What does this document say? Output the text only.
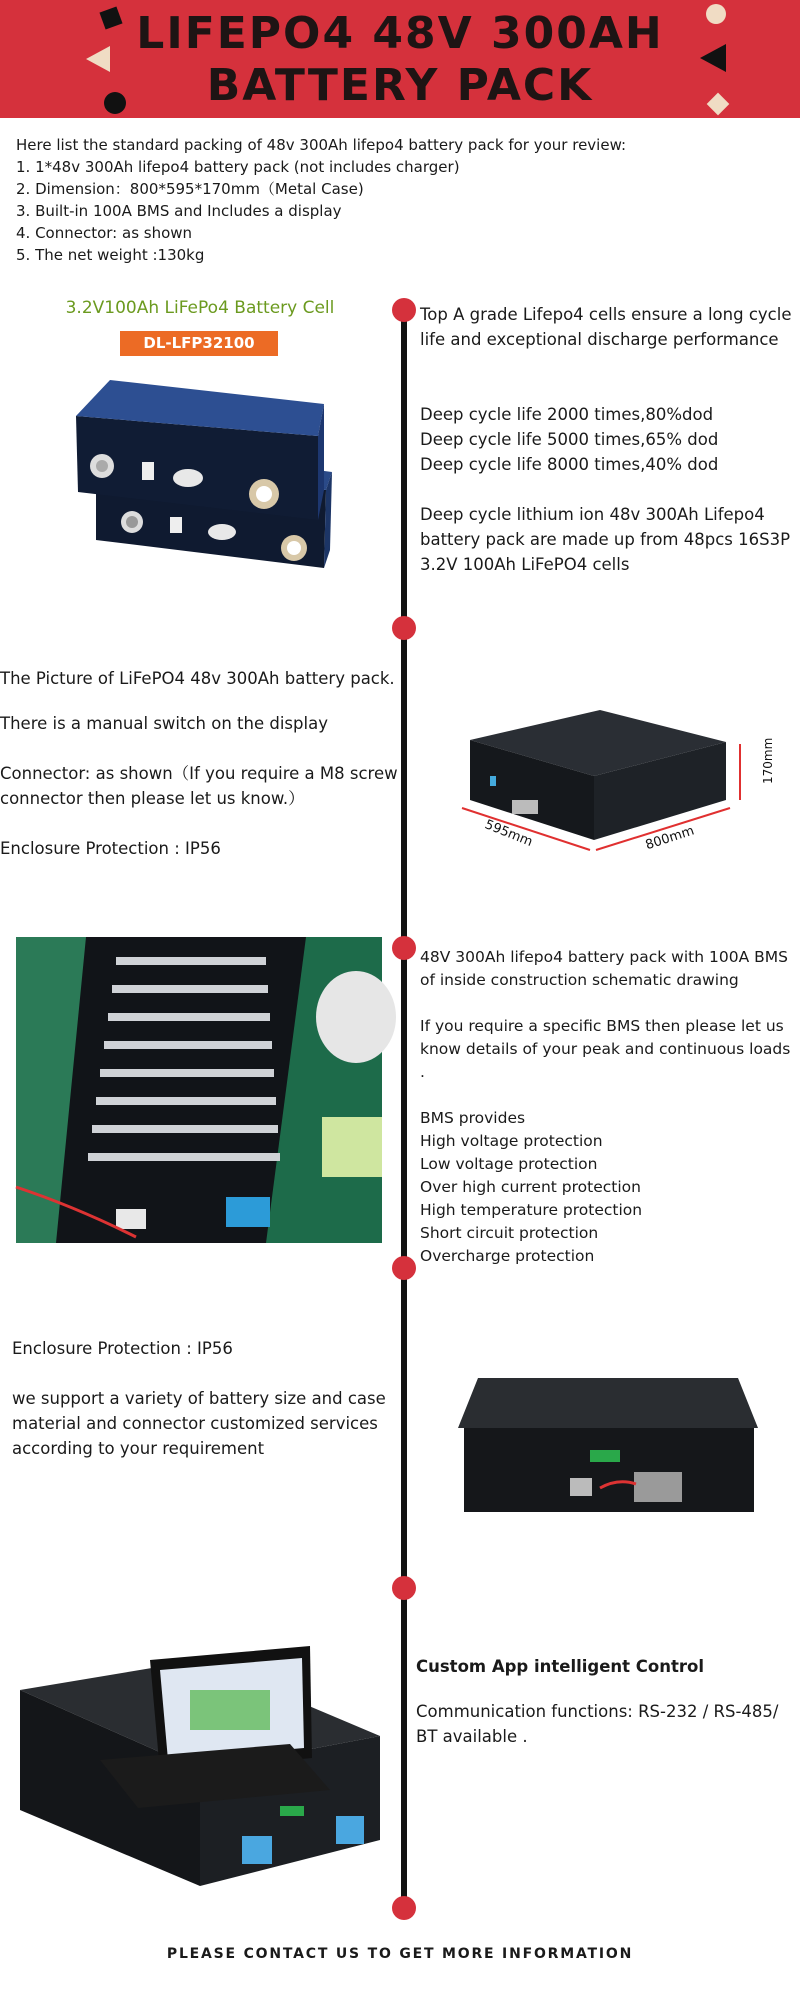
LIFEPO4 48V 300AH
BATTERY PACK
Here list the standard packing of 48v 300Ah lifepo4 battery pack for your review:
1. 1*48v 300Ah lifepo4 battery pack (not includes charger)
2. Dimension：800*595*170mm（Metal Case)
3. Built-in 100A BMS and Includes a display
4. Connector: as shown
5. The net weight :130kg
3.2V100Ah LiFePo4 Battery Cell
DL-LFP32100

Top A grade Lifepo4 cells ensure a long cycle life and exceptional discharge performance

Deep cycle life 2000 times,80%dod

Deep cycle life 5000 times,65% dod

Deep cycle life 8000 times,40% dod

Deep cycle lithium ion 48v 300Ah Lifepo4 battery pack are made up from 48pcs 16S3P 3.2V 100Ah LiFePO4 cells

The Picture of LiFePO4 48v 300Ah battery pack.

There is a manual switch on the display

Connector: as shown（If you require a M8 screw connector then please let us know.）

Enclosure Protection : IP56	595mm	800mm
170mm

48V 300Ah lifepo4 battery pack with 100A BMS of inside construction schematic drawing

If you require a specific BMS then please let us know details of your peak and continuous loads .

BMS provides

High voltage protection

Low voltage protection

Over high current protection

High temperature protection

Short circuit protection

Overcharge protection

Enclosure Protection : IP56

we support a variety of battery size and case material and connector customized services according to your requirement

Custom App intelligent Control

Communication functions: RS-232 / RS-485/ BT available .

PLEASE CONTACT US TO GET MORE INFORMATION
